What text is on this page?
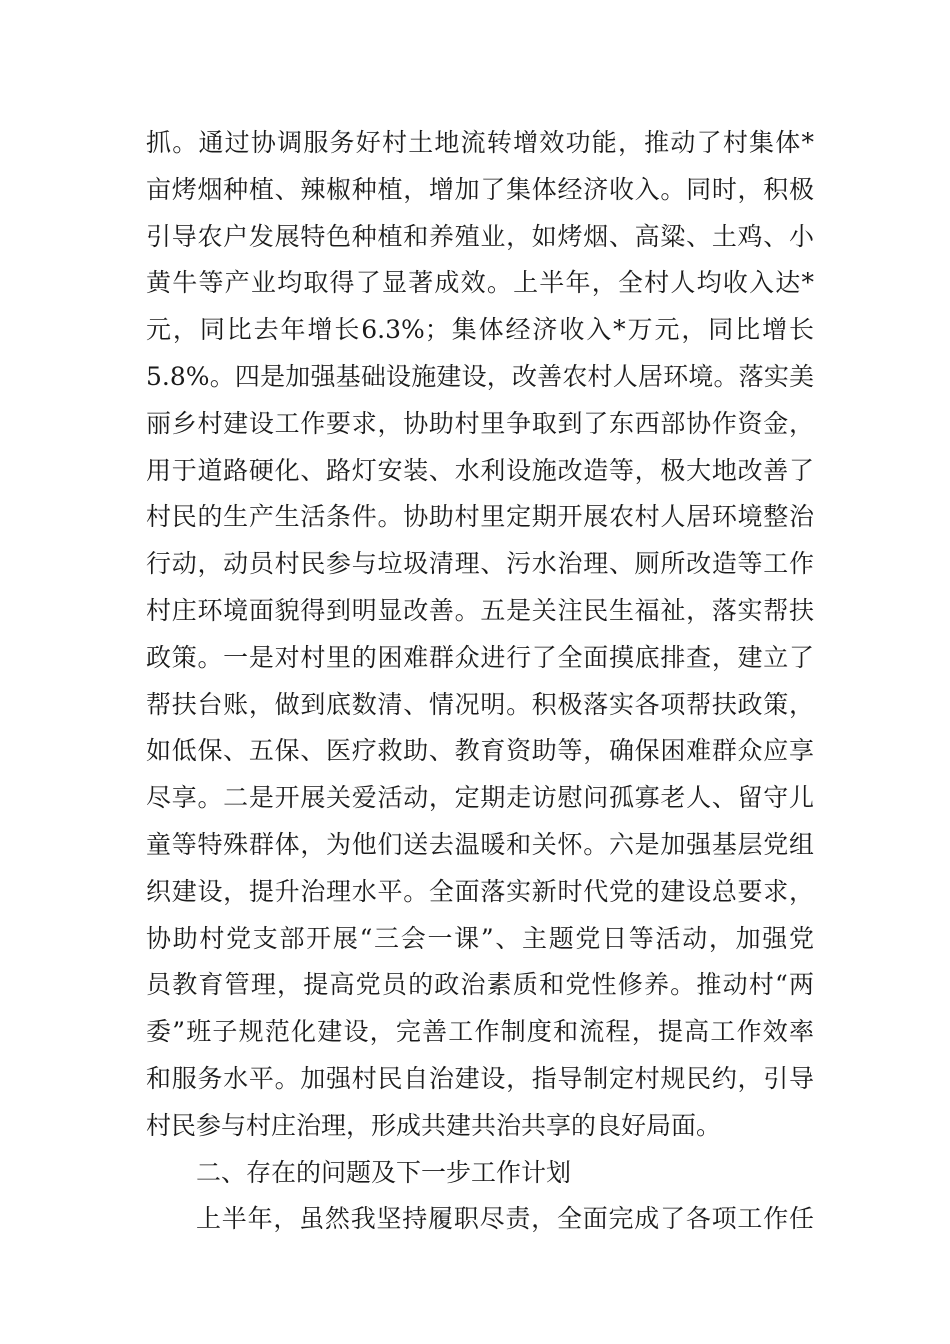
抓。通过协调服务好村土地流转增效功能，推动了村集体*
亩烤烟种植、辣椒种植，增加了集体经济收入。同时，积极
引导农户发展特色种植和养殖业，如烤烟、高粱、土鸡、小
黄牛等产业均取得了显著成效。上半年，全村人均收入达*
元，同比去年增长6.3%；集体经济收入*万元，同比增长
5.8%。四是加强基础设施建设，改善农村人居环境。落实美
丽乡村建设工作要求，协助村里争取到了东西部协作资金，
用于道路硬化、路灯安装、水利设施改造等，极大地改善了
村民的生产生活条件。协助村里定期开展农村人居环境整治
行动，动员村民参与垃圾清理、污水治理、厕所改造等工作
村庄环境面貌得到明显改善。五是关注民生福祉，落实帮扶
政策。一是对村里的困难群众进行了全面摸底排查，建立了
帮扶台账，做到底数清、情况明。积极落实各项帮扶政策，
如低保、五保、医疗救助、教育资助等，确保困难群众应享
尽享。二是开展关爱活动，定期走访慰问孤寡老人、留守儿
童等特殊群体，为他们送去温暖和关怀。六是加强基层党组
织建设，提升治理水平。全面落实新时代党的建设总要求，
协助村党支部开展“三会一课”、主题党日等活动，加强党
员教育管理，提高党员的政治素质和党性修养。推动村“两
委”班子规范化建设，完善工作制度和流程，提高工作效率
和服务水平。加强村民自治建设，指导制定村规民约，引导
村民参与村庄治理，形成共建共治共享的良好局面。
二、存在的问题及下一步工作计划
上半年，虽然我坚持履职尽责，全面完成了各项工作任
